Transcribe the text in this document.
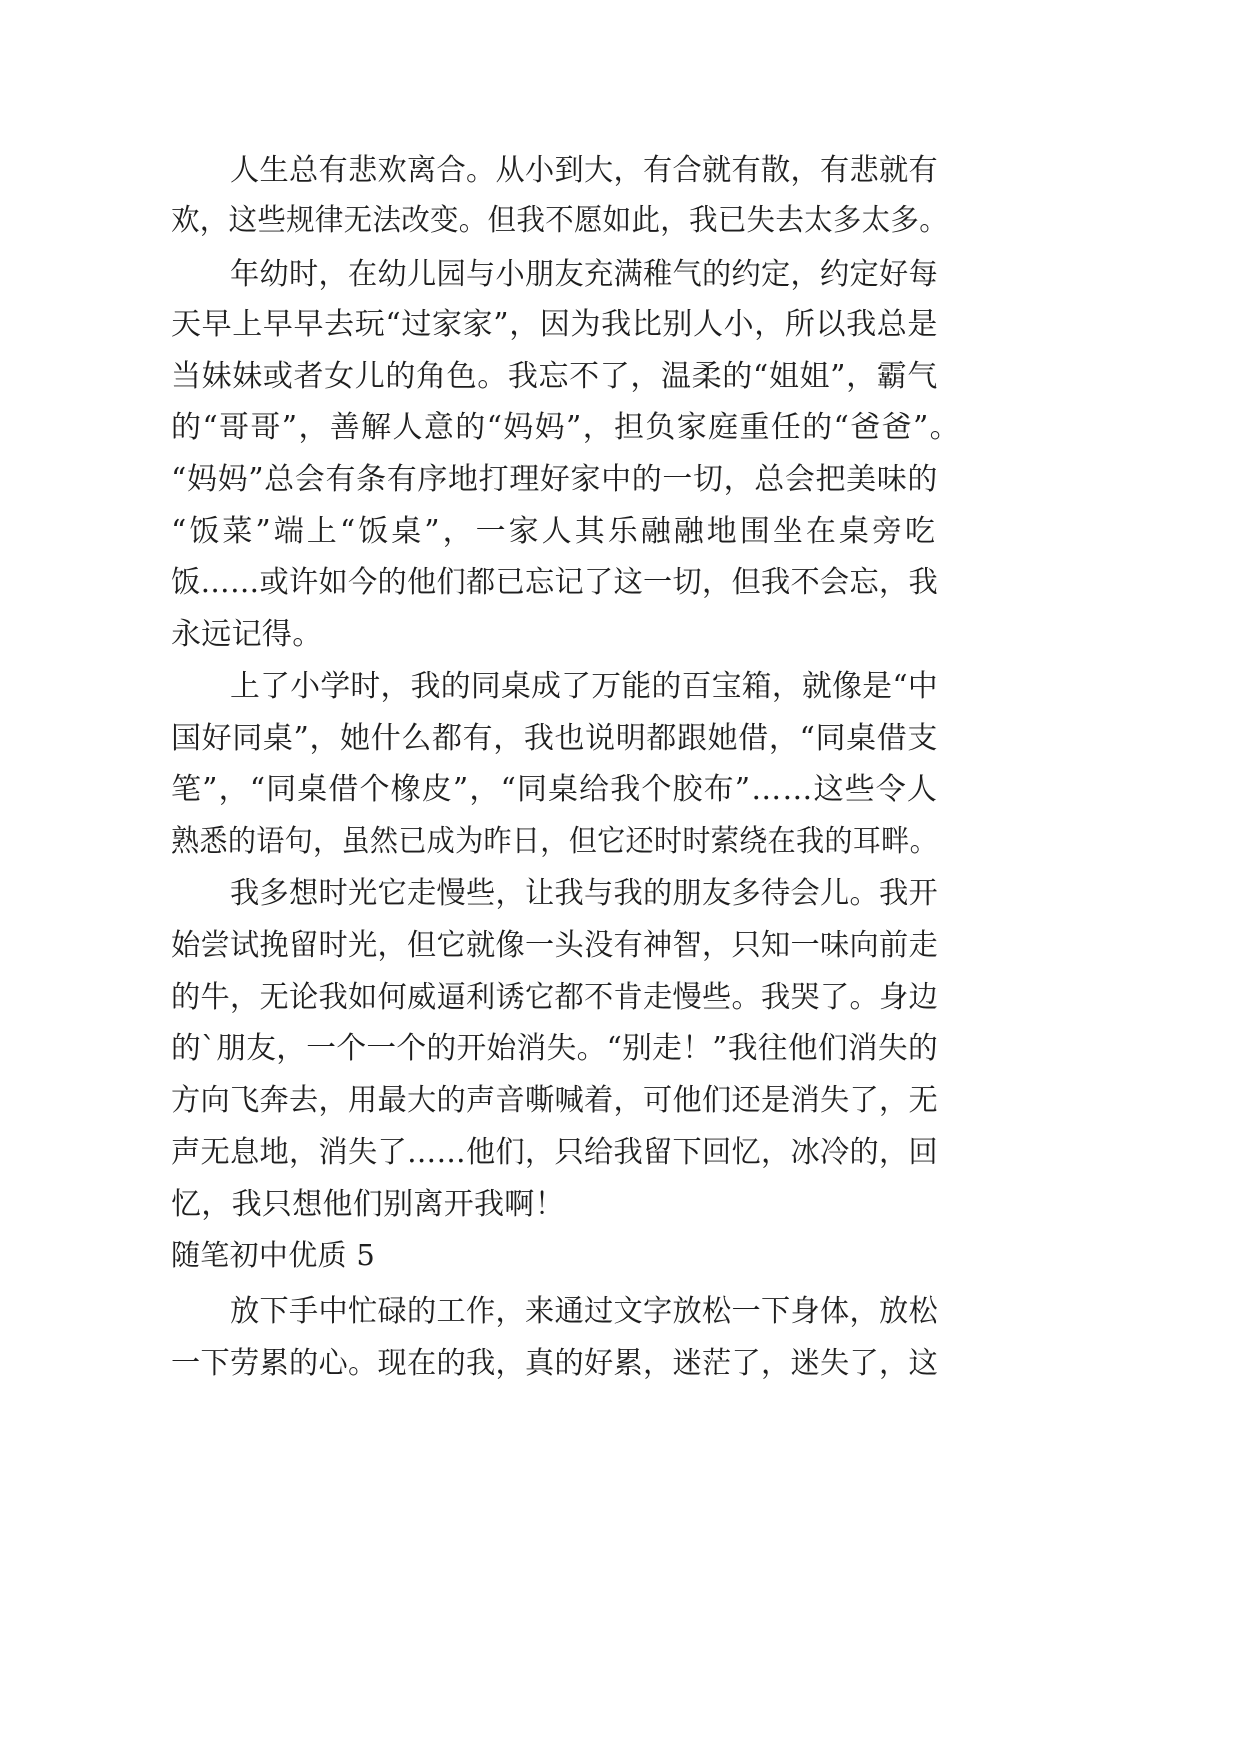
人生总有悲欢离合。从小到大，有合就有散，有悲就有
欢，这些规律无法改变。但我不愿如此，我已失去太多太多。
年幼时，在幼儿园与小朋友充满稚气的约定，约定好每
天早上早早去玩“过家家”，因为我比别人小，所以我总是
当妹妹或者女儿的角色。我忘不了，温柔的“姐姐”，霸气
的“哥哥”，善解人意的“妈妈”，担负家庭重任的“爸爸”。
“妈妈”总会有条有序地打理好家中的一切，总会把美味的
“饭菜”端上“饭桌”，一家人其乐融融地围坐在桌旁吃
饭……或许如今的他们都已忘记了这一切，但我不会忘，我
永远记得。
上了小学时，我的同桌成了万能的百宝箱，就像是“中
国好同桌”，她什么都有，我也说明都跟她借，“同桌借支
笔”，“同桌借个橡皮”，“同桌给我个胶布”……这些令人
熟悉的语句，虽然已成为昨日，但它还时时萦绕在我的耳畔。
我多想时光它走慢些，让我与我的朋友多待会儿。我开
始尝试挽留时光，但它就像一头没有神智，只知一味向前走
的牛，无论我如何威逼利诱它都不肯走慢些。我哭了。身边
的`朋友，一个一个的开始消失。“别走！”我往他们消失的
方向飞奔去，用最大的声音嘶喊着，可他们还是消失了，无
声无息地，消失了……他们，只给我留下回忆，冰冷的，回
忆，我只想他们别离开我啊！
随笔初中优质 5
放下手中忙碌的工作，来通过文字放松一下身体，放松
一下劳累的心。现在的我，真的好累，迷茫了，迷失了，这
